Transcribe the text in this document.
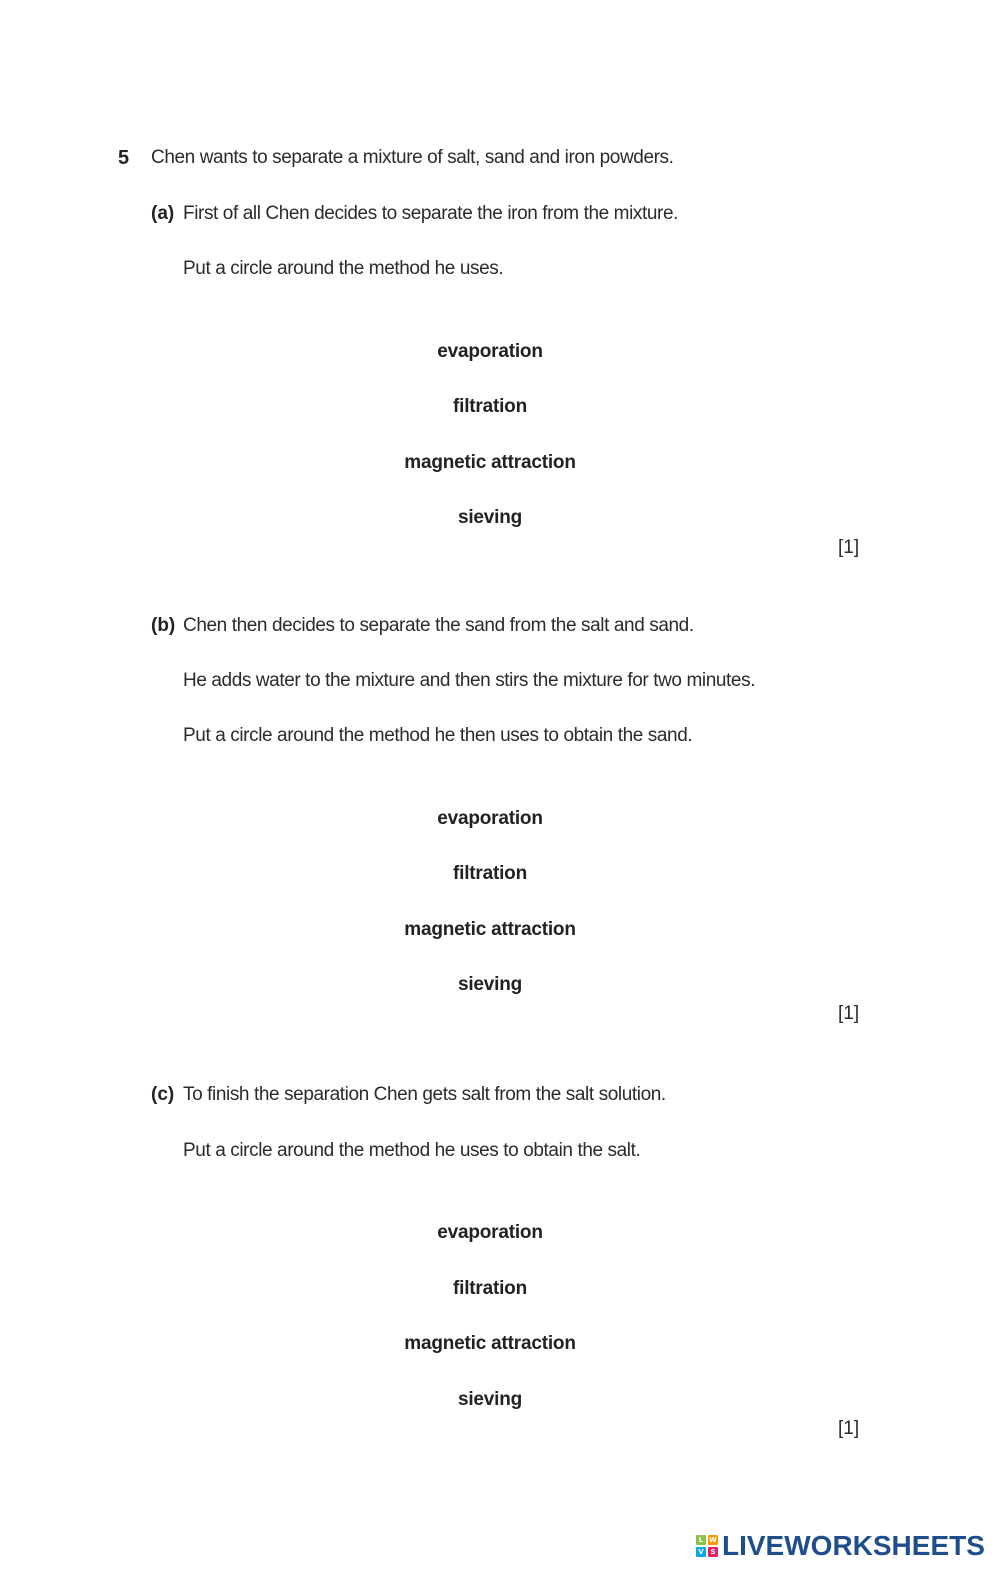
5 Chen wants to separate a mixture of salt, sand and iron powders.
(a) First of all Chen decides to separate the iron from the mixture.
Put a circle around the method he uses.
evaporation
filtration
magnetic attraction
sieving
[1]
(b) Chen then decides to separate the sand from the salt and sand.
He adds water to the mixture and then stirs the mixture for two minutes.
Put a circle around the method he then uses to obtain the sand.
evaporation
filtration
magnetic attraction
sieving
[1]
(c) To finish the separation Chen gets salt from the salt solution.
Put a circle around the method he uses to obtain the salt.
evaporation
filtration
magnetic attraction
sieving
[1]
L W
V S LIVEWORKSHEETS
